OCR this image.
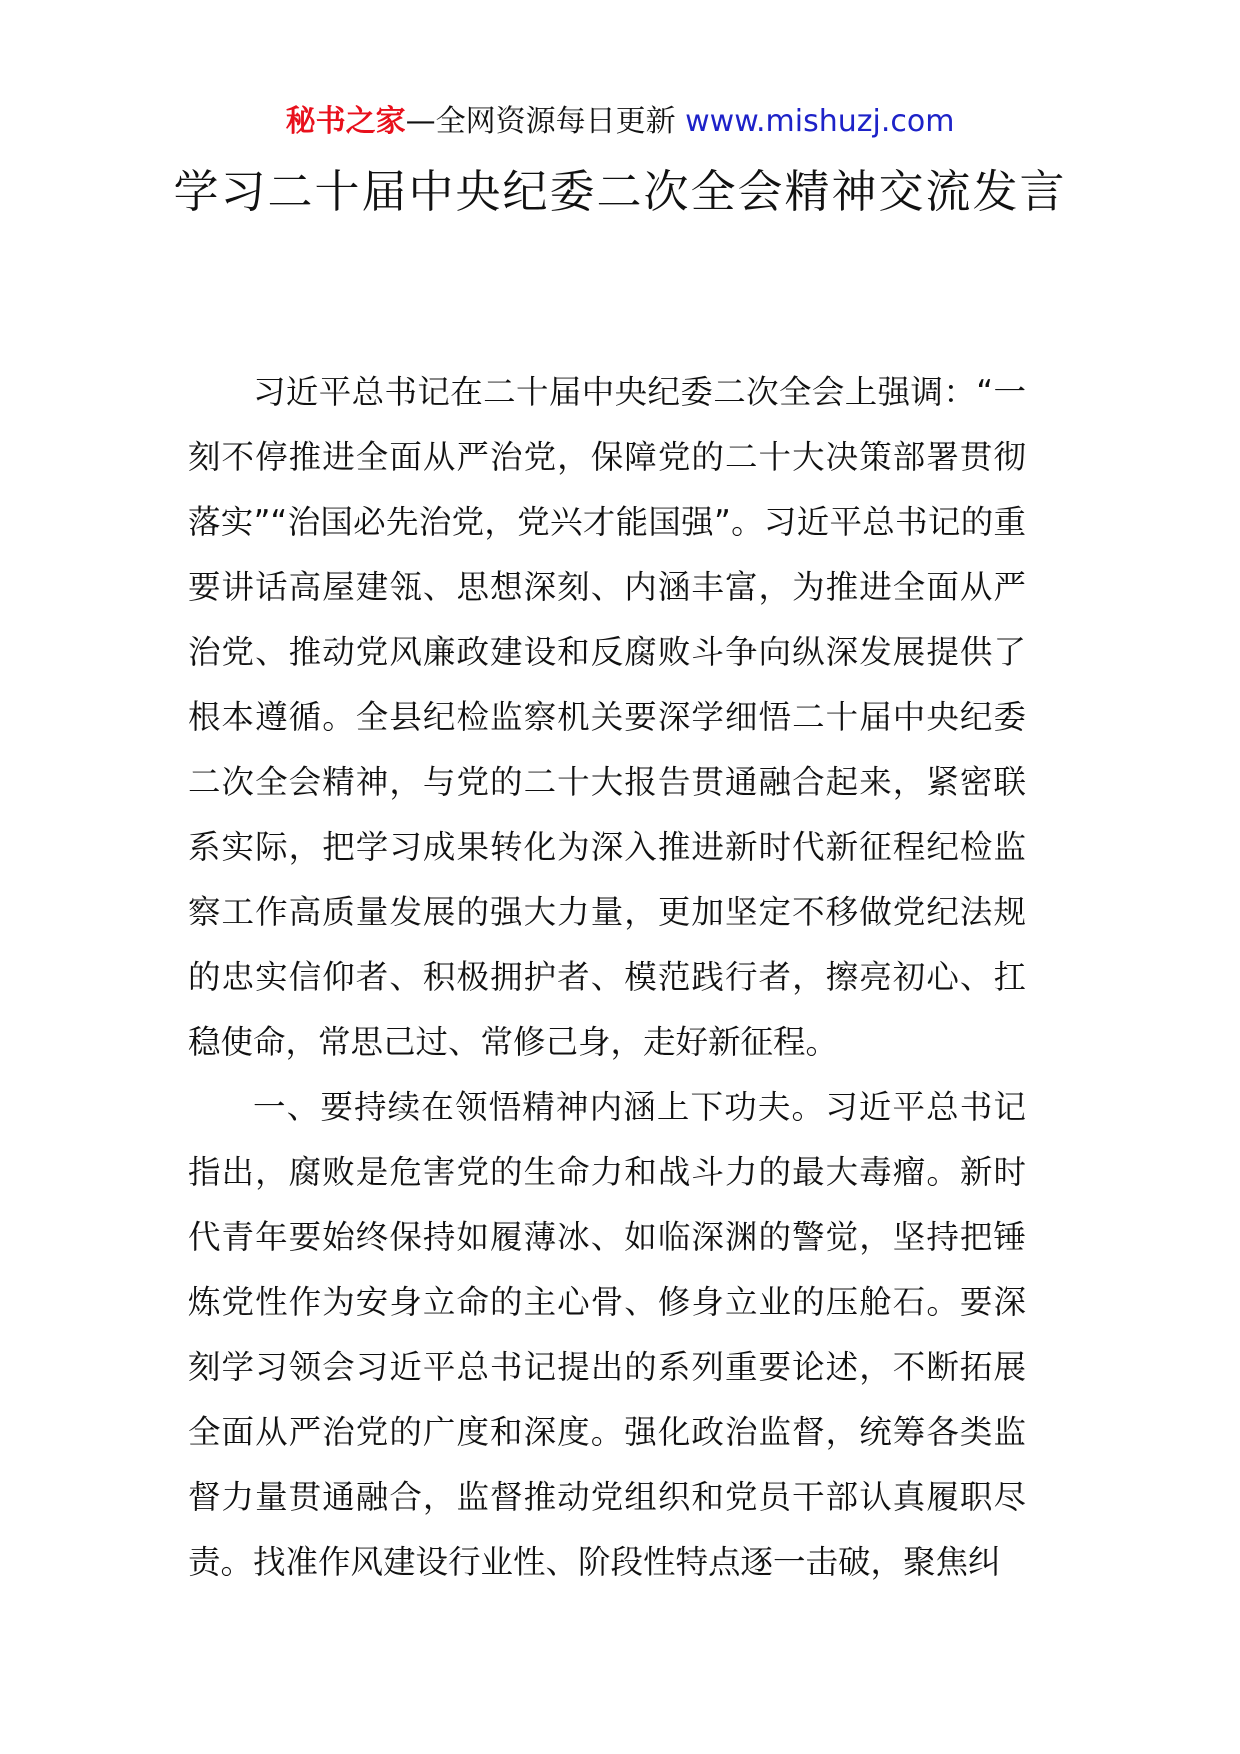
秘书之家—全网资源每日更新 www.mishuzj.com
学习二十届中央纪委二次全会精神交流发言

习近平总书记在二十届中央纪委二次全会上强调：“一刻不停推进全面从严治党，保障党的二十大决策部署贯彻落实”“治国必先治党，党兴才能国强”。习近平总书记的重要讲话高屋建瓴、思想深刻、内涵丰富，为推进全面从严治党、推动党风廉政建设和反腐败斗争向纵深发展提供了根本遵循。全县纪检监察机关要深学细悟二十届中央纪委二次全会精神，与党的二十大报告贯通融合起来，紧密联系实际，把学习成果转化为深入推进新时代新征程纪检监察工作高质量发展的强大力量，更加坚定不移做党纪法规的忠实信仰者、积极拥护者、模范践行者，擦亮初心、扛稳使命，常思己过、常修己身，走好新征程。

一、要持续在领悟精神内涵上下功夫。习近平总书记指出，腐败是危害党的生命力和战斗力的最大毒瘤。新时代青年要始终保持如履薄冰、如临深渊的警觉，坚持把锤炼党性作为安身立命的主心骨、修身立业的压舱石。要深刻学习领会习近平总书记提出的系列重要论述，不断拓展全面从严治党的广度和深度。强化政治监督，统筹各类监督力量贯通融合，监督推动党组织和党员干部认真履职尽责。找准作风建设行业性、阶段性特点逐一击破，聚焦纠
